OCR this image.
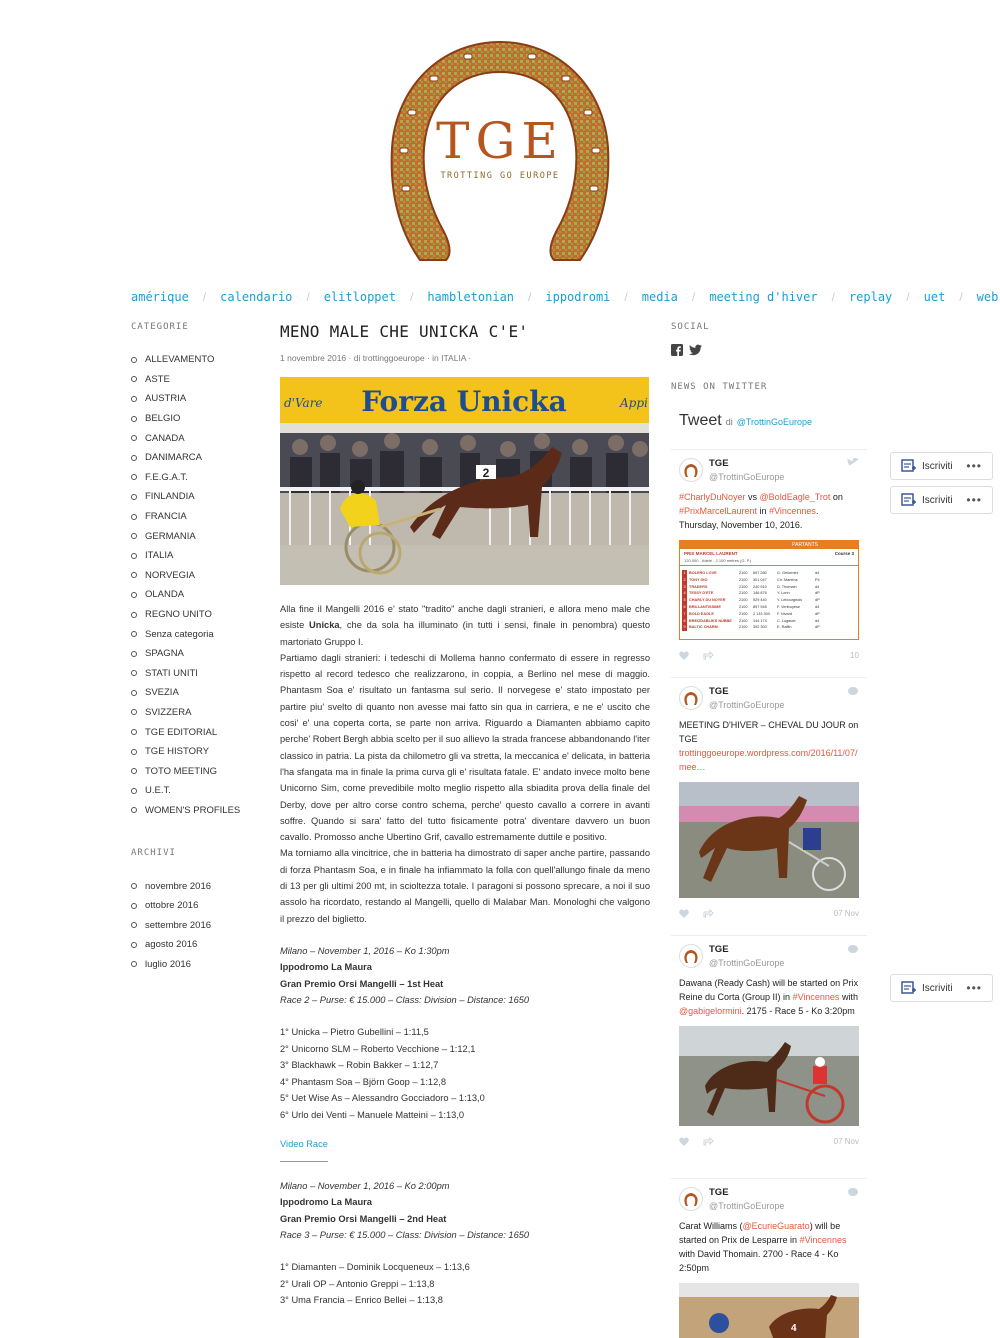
TGE
TROTTING GO EUROPE
amérique / calendario / elitloppet / hambletonian / ippodromi / media / meeting d'hiver / replay / uet / web
CATEGORIE
ALLEVAMENTO
ASTE
AUSTRIA
BELGIO
CANADA
DANIMARCA
F.E.G.A.T.
FINLANDIA
FRANCIA
GERMANIA
ITALIA
NORVEGIA
OLANDA
REGNO UNITO
Senza categoria
SPAGNA
STATI UNITI
SVEZIA
SVIZZERA
TGE EDITORIAL
TGE HISTORY
TOTO MEETING
U.E.T.
WOMEN'S PROFILES
ARCHIVI
novembre 2016
ottobre 2016
settembre 2016
agosto 2016
luglio 2016
MENO MALE CHE UNICKA C'E'
1 novembre 2016 · di trottinggoeurope · in ITALIA ·
Forza Unicka
d'Vare	Appi
2

Alla fine il Mangelli 2016 e' stato "tradito" anche dagli stranieri, e allora meno male che esiste Unicka, che da sola ha illuminato (in tutti i sensi, finale in penombra) questo martoriato Gruppo I.

Partiamo dagli stranieri: i tedeschi di Mollema hanno confermato di essere in regresso rispetto al record tedesco che realizzarono, in coppia, a Berlino nel mese di maggio. Phantasm Soa e' risultato un fantasma sul serio. Il norvegese e' stato impostato per partire piu' svelto di quanto non avesse mai fatto sin qua in carriera, e ne e' uscito che cosi' e' una coperta corta, se parte non arriva. Riguardo a Diamanten abbiamo capito perche' Robert Bergh abbia scelto per il suo allievo la strada francese abbandonando l'iter classico in patria. La pista da chilometro gli va stretta, la meccanica e' delicata, in batteria l'ha sfangata ma in finale la prima curva gli e' risultata fatale. E' andato invece molto bene Unicorno Sim, come prevedibile molto meglio rispetto alla sbiadita prova della finale del Derby, dove per altro corse contro schema, perche' questo cavallo a correre in avanti soffre. Quando si sara' fatto del tutto fisicamente potra' diventare davvero un buon cavallo. Promosso anche Ubertino Grif, cavallo estremamente duttile e positivo.

Ma torniamo alla vincitrice, che in batteria ha dimostrato di saper anche partire, passando di forza Phantasm Soa, e in finale ha infiammato la folla con quell'allungo finale da meno di 13 per gli ultimi 200 mt, in scioltezza totale. I paragoni si possono sprecare, a noi il suo assolo ha ricordato, restando al Mangelli, quello di Malabar Man. Monologhi che valgono il prezzo del biglietto.

Milano – November 1, 2016 – Ko 1:30pm
Ippodromo La Maura
Gran Premio Orsi Mangelli – 1st Heat
Race 2 – Purse: € 15.000 – Class: Division – Distance: 1650
1° Unicka – Pietro Gubellini – 1:11,5
2° Unicorno SLM – Roberto Vecchione – 1:12,1
3° Blackhawk – Robin Bakker – 1:12,7
4° Phantasm Soa – Björn Goop – 1:12,8
5° Uet Wise As – Alessandro Gocciadoro – 1:13,0
6° Urlo dei Venti – Manuele Matteini – 1:13,0
Video Race
Milano – November 1, 2016 – Ko 2:00pm
Ippodromo La Maura
Gran Premio Orsi Mangelli – 2nd Heat
Race 3 – Purse: € 15.000 – Class: Division – Distance: 1650
1° Diamanten – Dominik Locqueneux – 1:13,6
2° Urali OP – Antonio Greppi – 1:13,8
3° Uma Francia – Enrico Bellei – 1:13,8
SOCIAL
NEWS ON TWITTER
Tweet di @TrottinGoEurope
TGE
@TrottinGoEurope
#CharlyDuNoyer vs @BoldEagle_Trot on #PrixMarcelLaurent in #Vincennes.
Thursday, November 10, 2016.
PARTANTS
PRIX MARCEL LAURENT	Course 3
120.000 - Attelé - 2.100 mètres (G. P.)
1 BOLERO LOVE	2100	697 280	G. Gelormini	d4
2 TONY GIO	2100	301 047	Ch. Martens	P4
3 TRADERS	2100	240 910	D. Thomain	d4
4 TESSY D'ETE	2100	146 876	Y. Lorin	dP
5 CHARLY DU NOYER	2100	529 440	Y. Lebourgeois	dP
6 BRILLANTISSIME	2100	897 945	F. Ventruyese	d4
7 BOLD EAGLE	2100	2 133 300	F. Nivard	dP
8 BREIZDABLIKS NUBBE	2100	144 174	C. Lugauer	d4
9 BALTIC CHARM	2100	392 300	E. Raffin	dP
10
TGE
@TrottinGoEurope
MEETING D'HIVER – CHEVAL DU JOUR on TGE
trottinggoeurope.wordpress.com/2016/11/07/mee…
07 Nov
TGE
@TrottinGoEurope
Dawana (Ready Cash) will be started on Prix Reine du Corta (Group II) in #Vincennes with @gabigelormini. 2175 - Race 5 - Ko 3:20pm
07 Nov
TGE
@TrottinGoEurope
Carat Williams (@EcurieGuarato) will be started on Prix de Lesparre in #Vincennes with David Thomain. 2700 - Race 4 - Ko 2:50pm
4
Iscriviti •••
Iscriviti •••
Iscriviti •••
